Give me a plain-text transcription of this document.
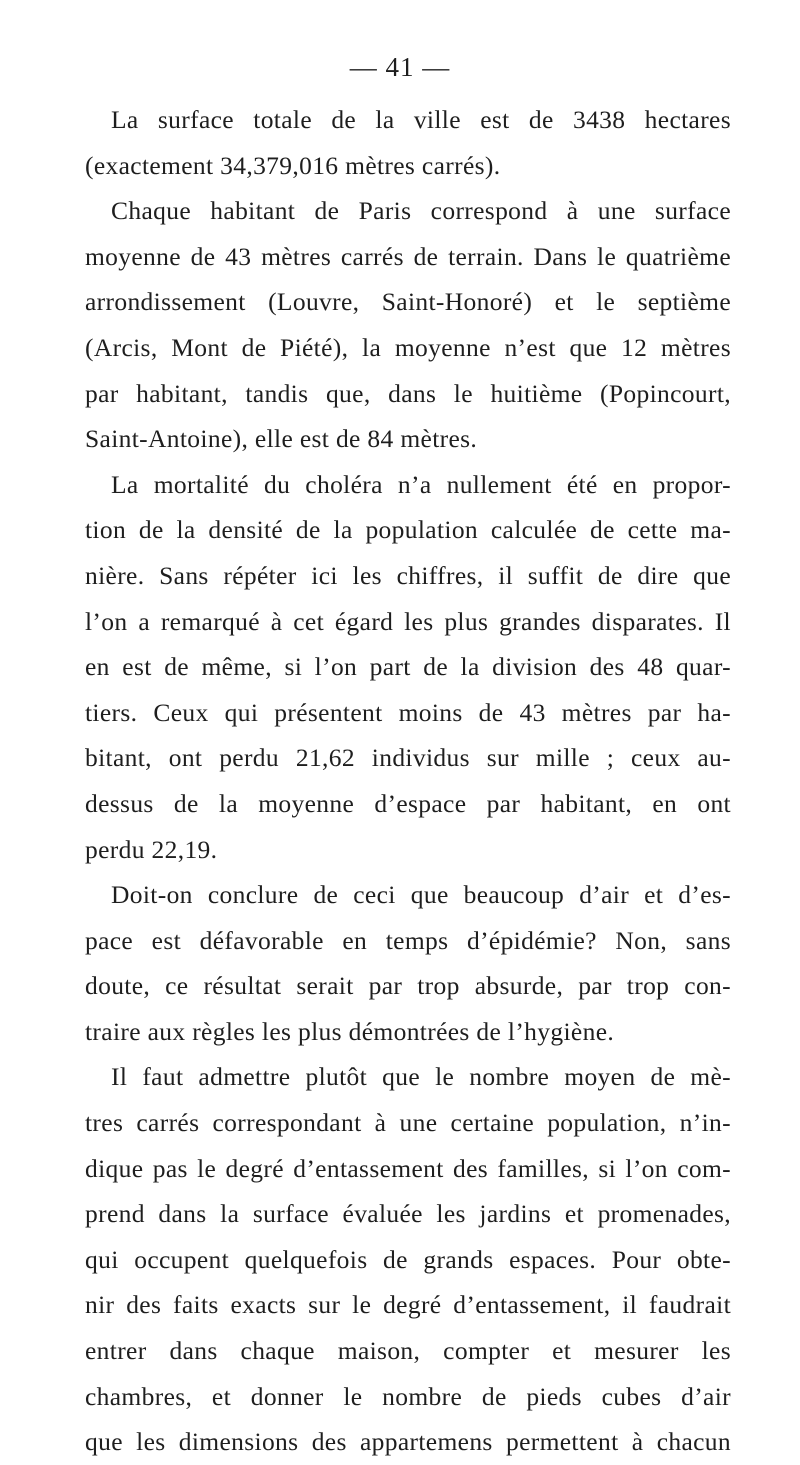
— 41 —
La surface totale de la ville est de 3438 hectares
(exactement 34,379,016 mètres carrés).
Chaque habitant de Paris correspond à une surface
moyenne de 43 mètres carrés de terrain. Dans le quatrième
arrondissement (Louvre, Saint-Honoré) et le septième
(Arcis, Mont de Piété), la moyenne n’est que 12 mètres
par habitant, tandis que, dans le huitième (Popincourt,
Saint-Antoine), elle est de 84 mètres.
La mortalité du choléra n’a nullement été en propor-
tion de la densité de la population calculée de cette ma-
nière. Sans répéter ici les chiffres, il suffit de dire que
l’on a remarqué à cet égard les plus grandes disparates. Il
en est de même, si l’on part de la division des 48 quar-
tiers. Ceux qui présentent moins de 43 mètres par ha-
bitant, ont perdu 21,62 individus sur mille ; ceux au-
dessus de la moyenne d’espace par habitant, en ont
perdu 22,19.
Doit-on conclure de ceci que beaucoup d’air et d’es-
pace est défavorable en temps d’épidémie? Non, sans
doute, ce résultat serait par trop absurde, par trop con-
traire aux règles les plus démontrées de l’hygiène.
Il faut admettre plutôt que le nombre moyen de mè-
tres carrés correspondant à une certaine population, n’in-
dique pas le degré d’entassement des familles, si l’on com-
prend dans la surface évaluée les jardins et promenades,
qui occupent quelquefois de grands espaces. Pour obte-
nir des faits exacts sur le degré d’entassement, il faudrait
entrer dans chaque maison, compter et mesurer les
chambres, et donner le nombre de pieds cubes d’air
que les dimensions des appartemens permettent à chacun
